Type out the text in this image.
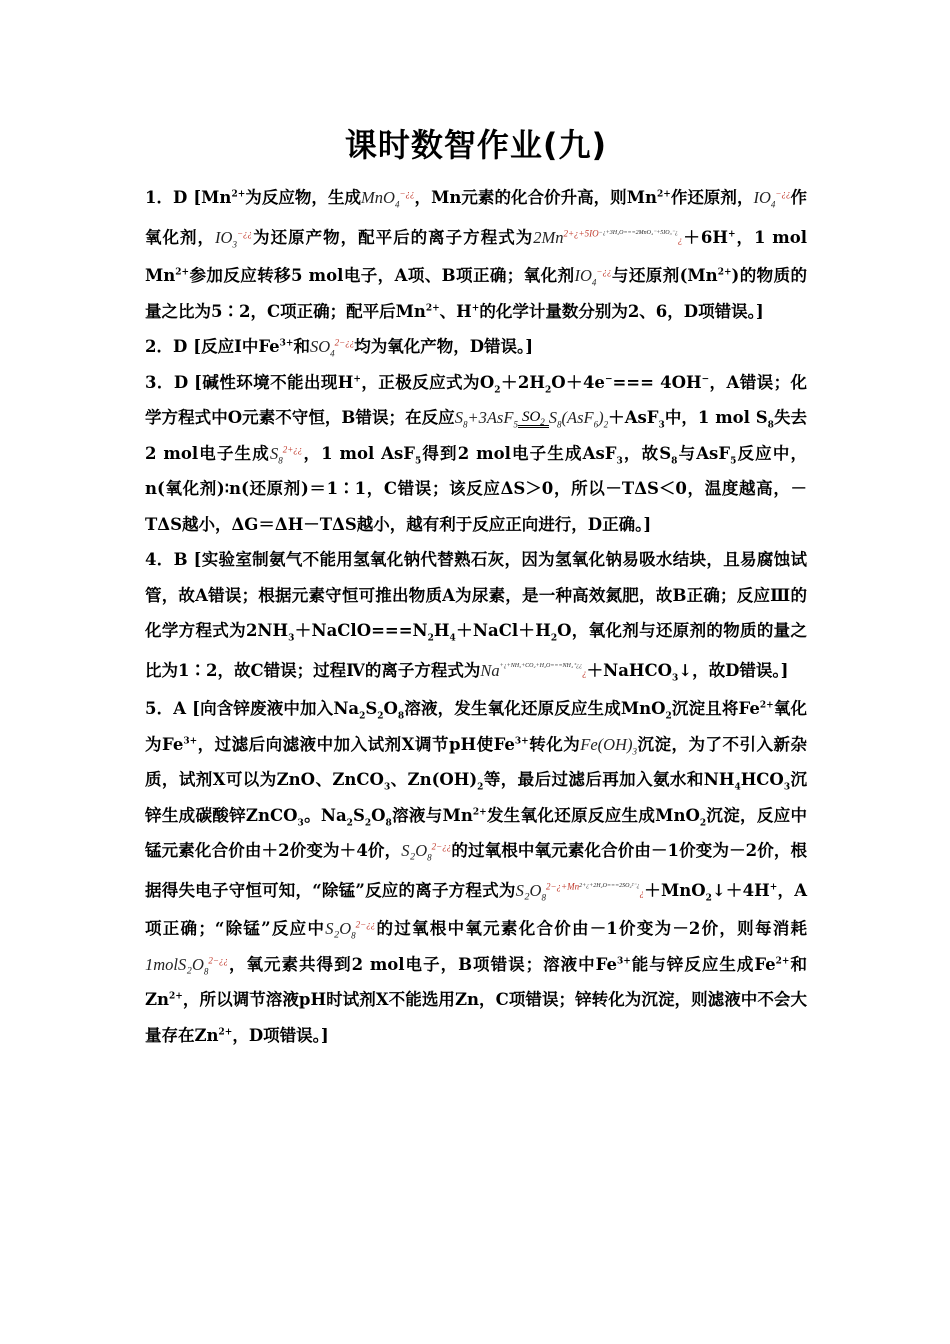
课时数智作业(九)

1．D [$Mn^{2+}$为反应物，生成MnO$_4$−¿¿，Mn元素的化合价升高，则$Mn^{2+}$作还原剂，$IO_4^{-¿¿}$作氧化剂，$IO_3^{-¿¿}$为还原产物，配平后的离子方程式为$2Mn^{2+¿+5IO-¿+3H_2O===2MnO_4^-+5IO_3^-¿}¿+6H^+$，1 mol $Mn^{2+}$参加反应转移5 mol电子，A项、B项正确；氧化剂$IO_4^{-¿¿}$与还原剂$(Mn^{2+})$的物质的量之比为5∶2，C项正确；配平后$Mn^{2+}$、H+的化学计量数分别为2、6，D项错误。]

2．D [反应Ⅰ中$Fe^{3+}$和$SO_4^{2-¿¿}$均为氧化产物，D错误。]

3．D [碱性环境不能出现H+，正极反应式为$O_2+2H_2O+4e^-=== 4OH^-$，A错误；化学方程式中O元素不守恒，B错误；在反应$S_8+3AsF_5$ $SO_2$ $S_8(AsF_6)_2+AsF_3$中，1 mol $S_8$失去2 mol电子生成$S_8^{2+¿¿}$，1 mol AsF$_5$得到2 mol电子生成AsF$_3$，故$S_8$与AsF$_5$反应中，n(氧化剂)∶n(还原剂)＝1∶1，C错误；该反应ΔS＞0，所以－TΔS＜0，温度越高，－TΔS越小，ΔG＝ΔH－TΔS越小，越有利于反应正向进行，D正确。]

4．B [实验室制氨气不能用氢氧化钠代替熟石灰，因为氢氧化钠易吸水结块，且易腐蚀试管，故A错误；根据元素守恒可推出物质A为尿素，是一种高效氮肥，故B正确；反应Ⅲ的化学方程式为$2NH_3+NaClO===N_2H_4+NaCl+H_2O$，氧化剂与还原剂的物质的量之比为1∶2，故C错误；过程Ⅳ的离子方程式为$Na^{+¿+NH_3+CO_2+H_2O===NH_4^+¿¿}¿+NaHCO_3↓$，故D错误。]

5．A [向含锌废液中加入$Na_2S_2O_8$溶液，发生氧化还原反应生成MnO$_2$沉淀且将$Fe^{2+}$氧化为$Fe^{3+}$，过滤后向滤液中加入试剂X调节pH使$Fe^{3+}$转化为$Fe(OH)_3$沉淀，为了不引入新杂质，试剂X可以为ZnO、ZnCO$_3$、$Zn(OH)_2$等，最后过滤后再加入氨水和$NH_4HCO_3$沉锌生成碳酸锌ZnCO$_3$。$Na_2S_2O_8$溶液与$Mn^{2+}$发生氧化还原反应生成MnO$_2$沉淀，反应中锰元素化合价由＋2价变为＋4价，$S_2O_8^{2-¿¿}$的过氧根中氧元素化合价由－1价变为－2价，根据得失电子守恒可知，“除锰”反应的离子方程式为$S_2O_8^{2-¿+Mn2+¿+2H_2O===2SO_4^{2-}¿}¿+MnO_2↓+4H^+$，A项正确；“除锰”反应中$S_2O_8^{2-¿¿}$的过氧根中氧元素化合价由－1价变为－2价，则每消耗$1molS_2O_8^{2-¿¿}$，氧元素共得到2 mol电子，B项错误；溶液中$Fe^{3+}$能与锌反应生成$Fe^{2+}$和$Zn^{2+}$，所以调节溶液pH时试剂X不能选用Zn，C项错误；锌转化为沉淀，则滤液中不会大量存在$Zn^{2+}$，D项错误。]
